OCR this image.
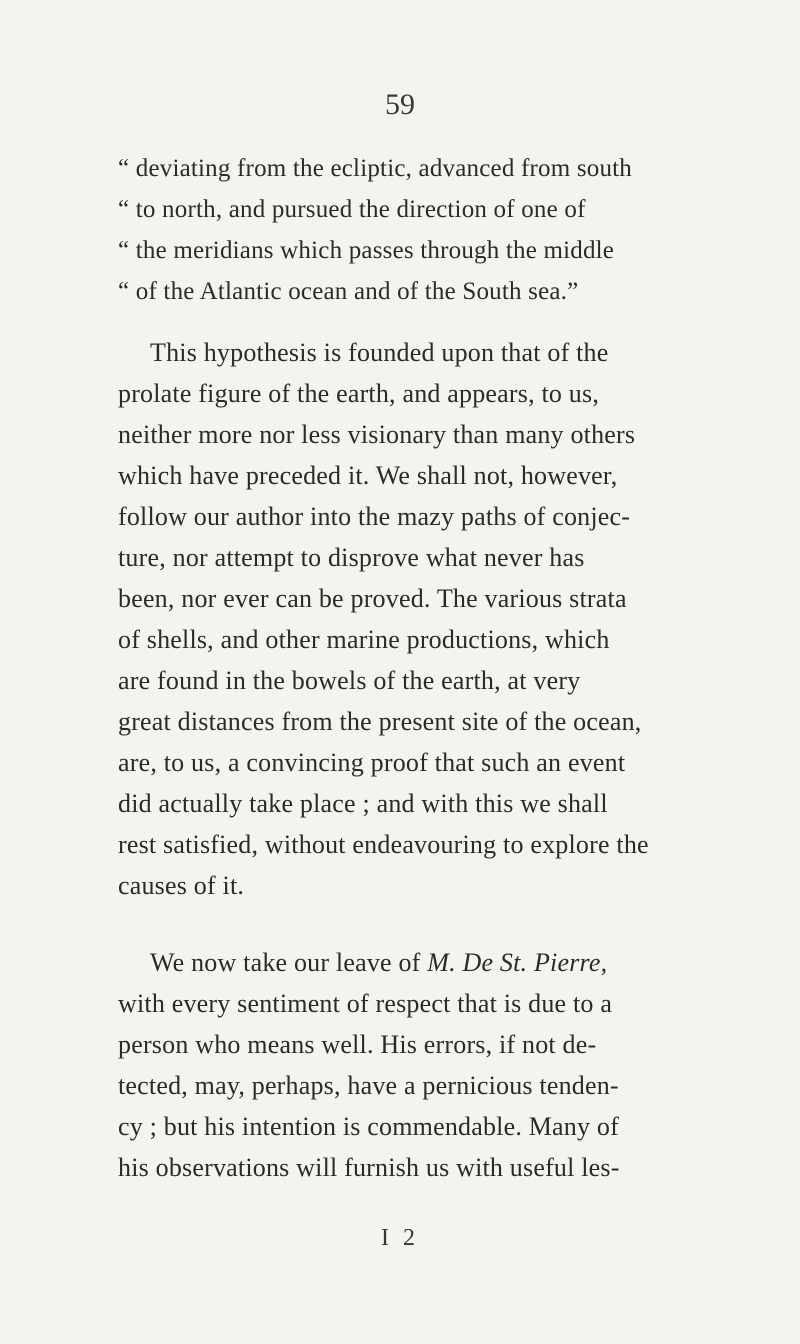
59
“ deviating from the ecliptic, advanced from south
“ to north, and pursued the direction of one of
“ the meridians which passes through the middle
“ of the Atlantic ocean and of the South sea.”
This hypothesis is founded upon that of the
prolate figure of the earth, and appears, to us,
neither more nor less visionary than many others
which have preceded it. We shall not, however,
follow our author into the mazy paths of conjec-
ture, nor attempt to disprove what never has
been, nor ever can be proved. The various strata
of shells, and other marine productions, which
are found in the bowels of the earth, at very
great distances from the present site of the ocean,
are, to us, a convincing proof that such an event
did actually take place ; and with this we shall
rest satisfied, without endeavouring to explore the
causes of it.
We now take our leave of M. De St. Pierre,
with every sentiment of respect that is due to a
person who means well. His errors, if not de-
tected, may, perhaps, have a pernicious tenden-
cy ; but his intention is commendable. Many of
his observations will furnish us with useful les-
I 2
